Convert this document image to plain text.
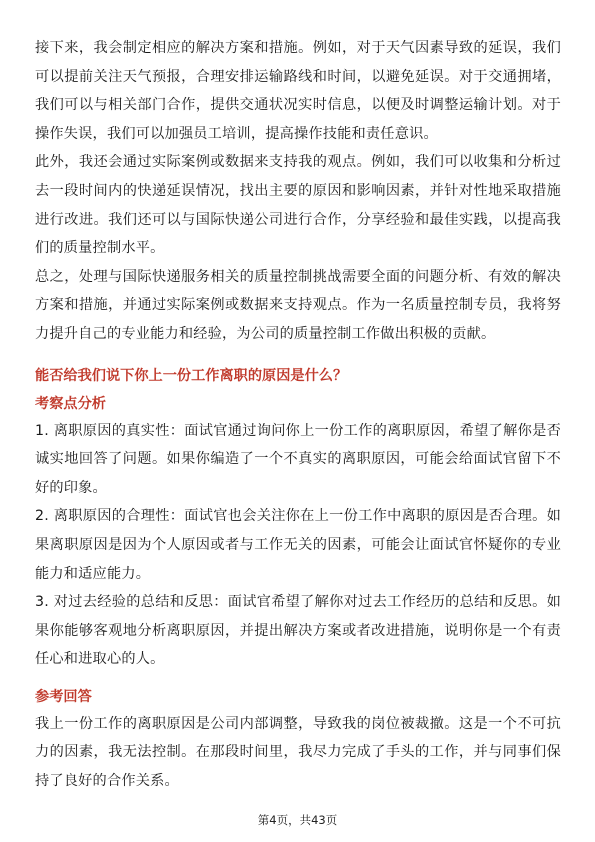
接下来，我会制定相应的解决方案和措施。例如，对于天气因素导致的延误，我们可以提前关注天气预报，合理安排运输路线和时间，以避免延误。对于交通拥堵，我们可以与相关部门合作，提供交通状况实时信息，以便及时调整运输计划。对于操作失误，我们可以加强员工培训，提高操作技能和责任意识。

此外，我还会通过实际案例或数据来支持我的观点。例如，我们可以收集和分析过去一段时间内的快递延误情况，找出主要的原因和影响因素，并针对性地采取措施进行改进。我们还可以与国际快递公司进行合作，分享经验和最佳实践，以提高我们的质量控制水平。

总之，处理与国际快递服务相关的质量控制挑战需要全面的问题分析、有效的解决方案和措施，并通过实际案例或数据来支持观点。作为一名质量控制专员，我将努力提升自己的专业能力和经验，为公司的质量控制工作做出积极的贡献。

能否给我们说下你上一份工作离职的原因是什么？

考察点分析

1. 离职原因的真实性：面试官通过询问你上一份工作的离职原因，希望了解你是否诚实地回答了问题。如果你编造了一个不真实的离职原因，可能会给面试官留下不好的印象。

2. 离职原因的合理性：面试官也会关注你在上一份工作中离职的原因是否合理。如果离职原因是因为个人原因或者与工作无关的因素，可能会让面试官怀疑你的专业能力和适应能力。

3. 对过去经验的总结和反思：面试官希望了解你对过去工作经历的总结和反思。如果你能够客观地分析离职原因，并提出解决方案或者改进措施，说明你是一个有责任心和进取心的人。

参考回答

我上一份工作的离职原因是公司内部调整，导致我的岗位被裁撤。这是一个不可抗力的因素，我无法控制。在那段时间里，我尽力完成了手头的工作，并与同事们保持了良好的合作关系。

第4页，共43页
